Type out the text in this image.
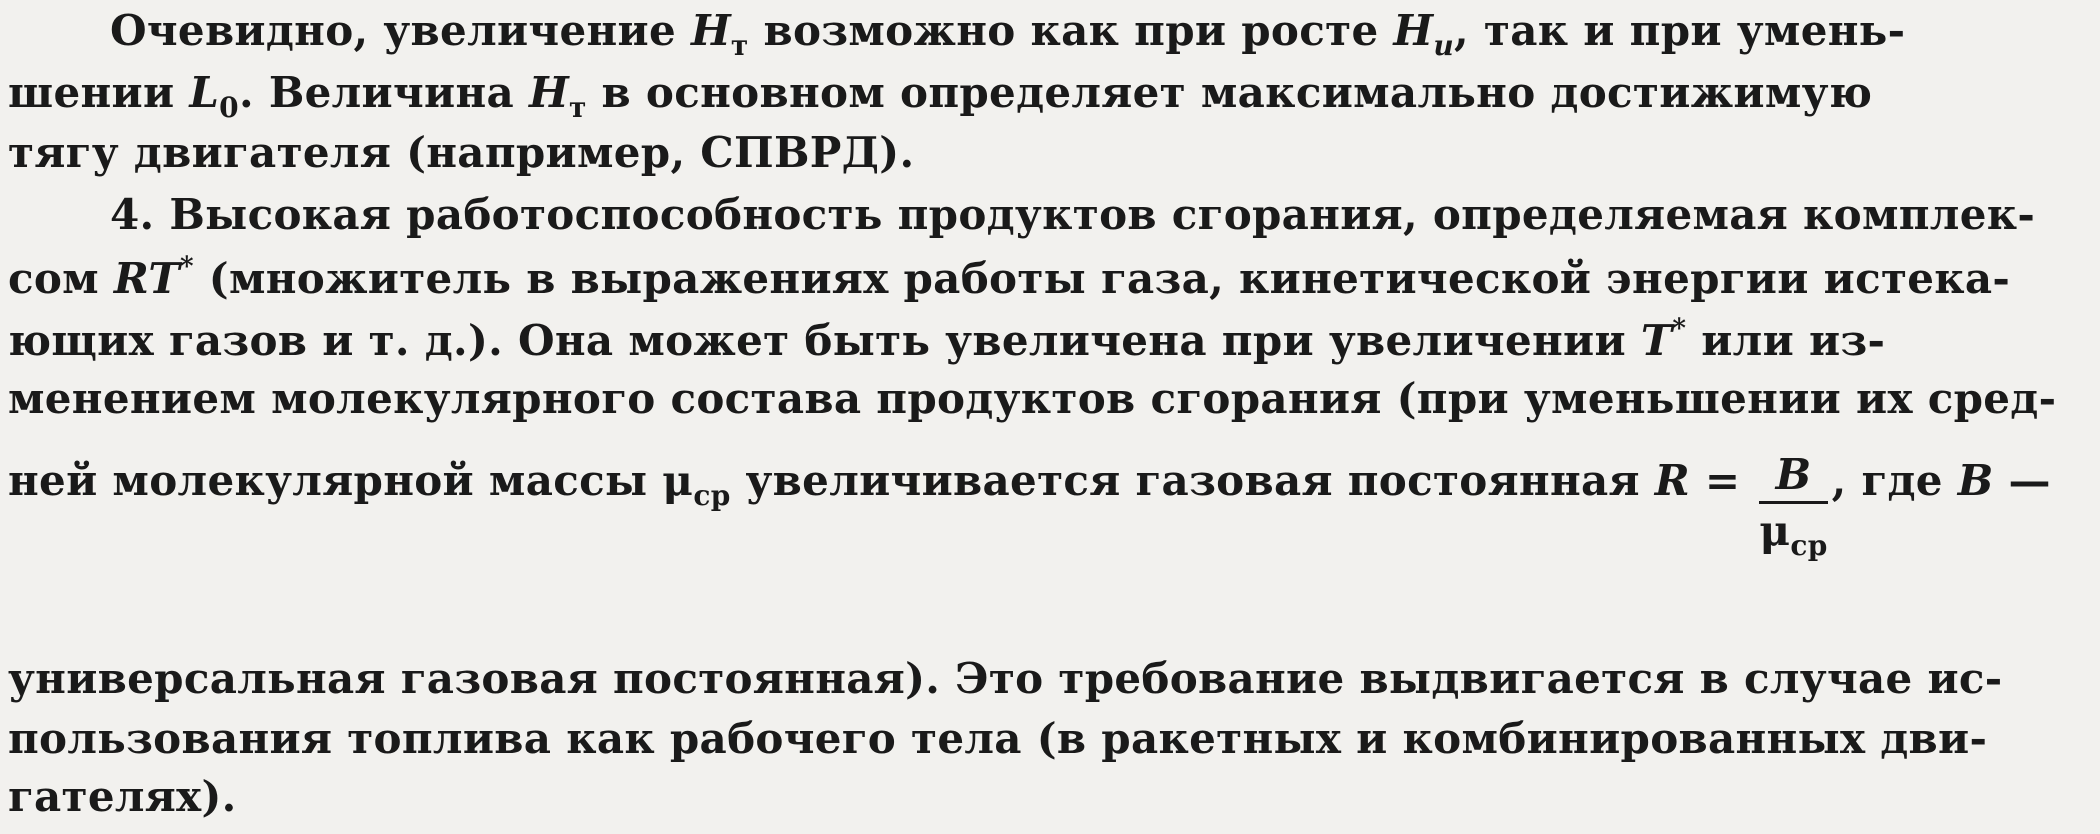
Очевидно, увеличение $H_т$ возможно как при росте $H_u$, так и при умень-
шении $L_0$. Величина $H_т$ в основном определяет максимально достижимую
тягу двигателя (например, СПВРД).
4. Высокая работоспособность продуктов сгорания, определяемая комплек-
сом RT* (множитель в выражениях работы газа, кинетической энергии истека-
ющих газов и т. д.). Она может быть увеличена при увеличении T* или из-
менением молекулярного состава продуктов сгорания (при уменьшении их сред-
ней молекулярной массы $\mu_{ср}$ увеличивается газовая постоянная $R = \frac{B}{\mu_{ср}}$ , где B —
универсальная газовая постоянная). Это требование выдвигается в случае ис-
пользования топлива как рабочего тела (в ракетных и комбинированных дви-
гателях).
